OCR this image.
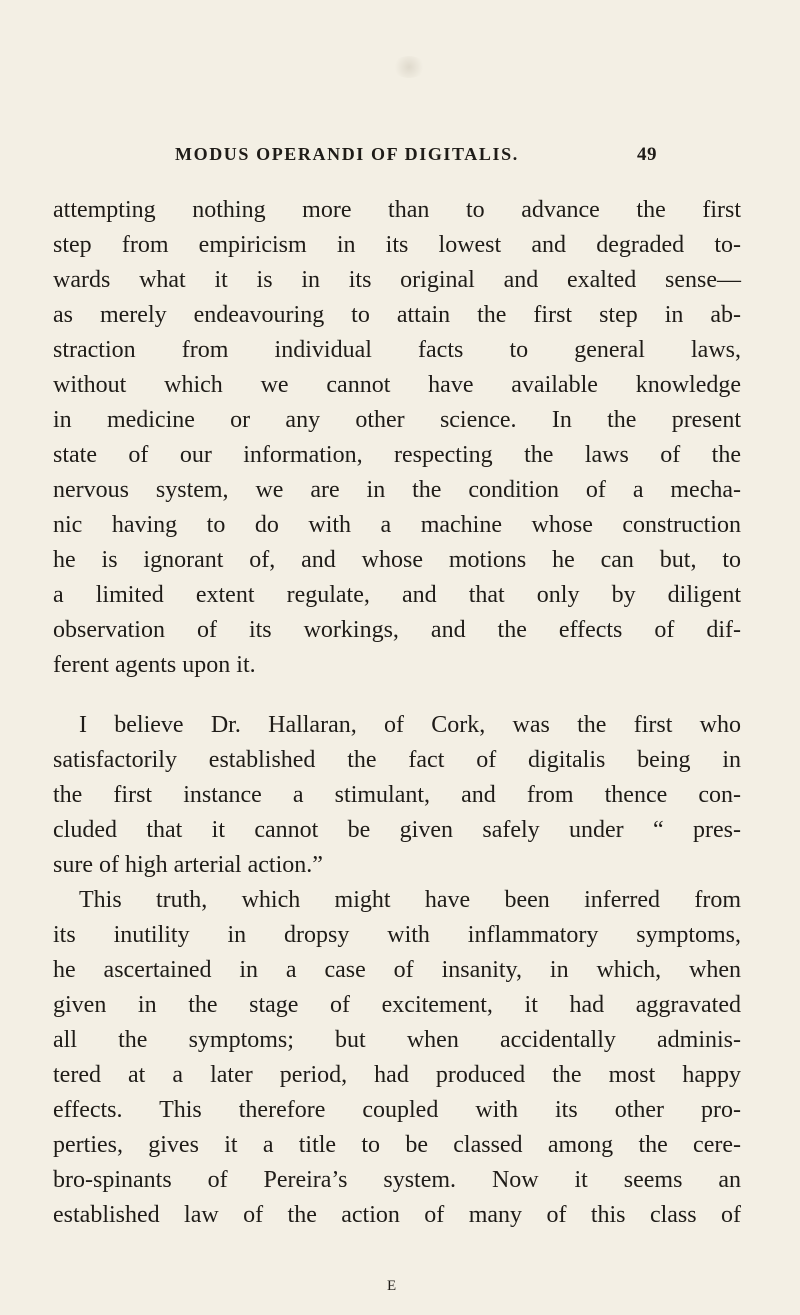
MODUS OPERANDI OF DIGITALIS.	49
attempting nothing more than to advance the first
step from empiricism in its lowest and degraded to-
wards what it is in its original and exalted sense—
as merely endeavouring to attain the first step in ab-
straction from individual facts to general laws,
without which we cannot have available knowledge
in medicine or any other science. In the present
state of our information, respecting the laws of the
nervous system, we are in the condition of a mecha-
nic having to do with a machine whose construction
he is ignorant of, and whose motions he can but, to
a limited extent regulate, and that only by diligent
observation of its workings, and the effects of dif-
ferent agents upon it.
I believe Dr. Hallaran, of Cork, was the first who
satisfactorily established the fact of digitalis being in
the first instance a stimulant, and from thence con-
cluded that it cannot be given safely under “ pres-
sure of high arterial action.”
This truth, which might have been inferred from
its inutility in dropsy with inflammatory symptoms,
he ascertained in a case of insanity, in which, when
given in the stage of excitement, it had aggravated
all the symptoms; but when accidentally adminis-
tered at a later period, had produced the most happy
effects. This therefore coupled with its other pro-
perties, gives it a title to be classed among the cere-
bro-spinants of Pereira’s system. Now it seems an
established law of the action of many of this class of
E
